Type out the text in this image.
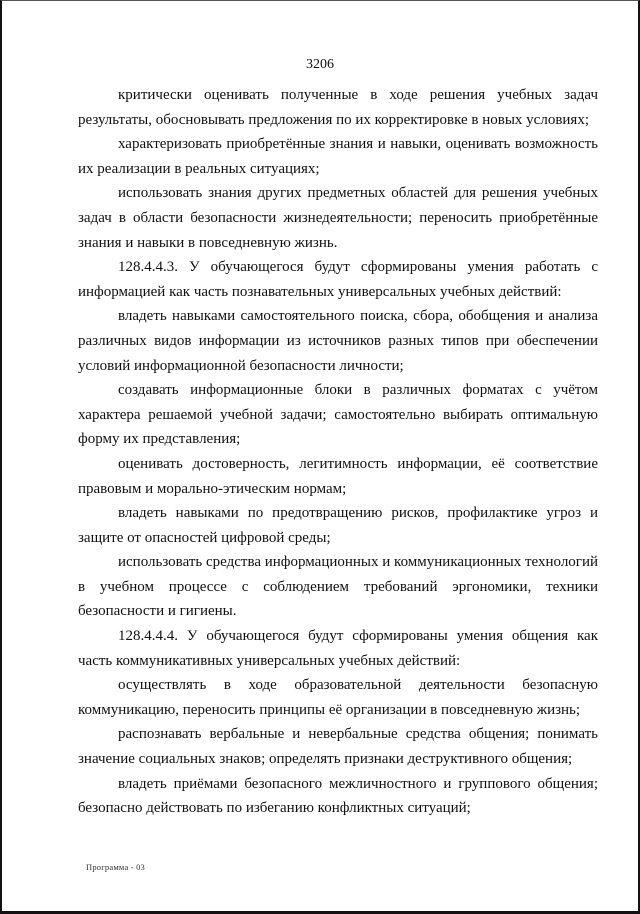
3206

критически оценивать полученные в ходе решения учебных задач результаты, обосновывать предложения по их корректировке в новых условиях;

характеризовать приобретённые знания и навыки, оценивать возможность их реализации в реальных ситуациях;

использовать знания других предметных областей для решения учебных задач в области безопасности жизнедеятельности; переносить приобретённые знания и навыки в повседневную жизнь.

128.4.4.3. У обучающегося будут сформированы умения работать с информацией как часть познавательных универсальных учебных действий:

владеть навыками самостоятельного поиска, сбора, обобщения и анализа различных видов информации из источников разных типов при обеспечении условий информационной безопасности личности;

создавать информационные блоки в различных форматах с учётом характера решаемой учебной задачи; самостоятельно выбирать оптимальную форму их представления;

оценивать достоверность, легитимность информации, её соответствие правовым и морально-этическим нормам;

владеть навыками по предотвращению рисков, профилактике угроз и защите от опасностей цифровой среды;

использовать средства информационных и коммуникационных технологий в учебном процессе с соблюдением требований эргономики, техники безопасности и гигиены.

128.4.4.4. У обучающегося будут сформированы умения общения как часть коммуникативных универсальных учебных действий:

осуществлять в ходе образовательной деятельности безопасную коммуникацию, переносить принципы её организации в повседневную жизнь;

распознавать вербальные и невербальные средства общения; понимать значение социальных знаков; определять признаки деструктивного общения;

владеть приёмами безопасного межличностного и группового общения; безопасно действовать по избеганию конфликтных ситуаций;

Программа - 03
